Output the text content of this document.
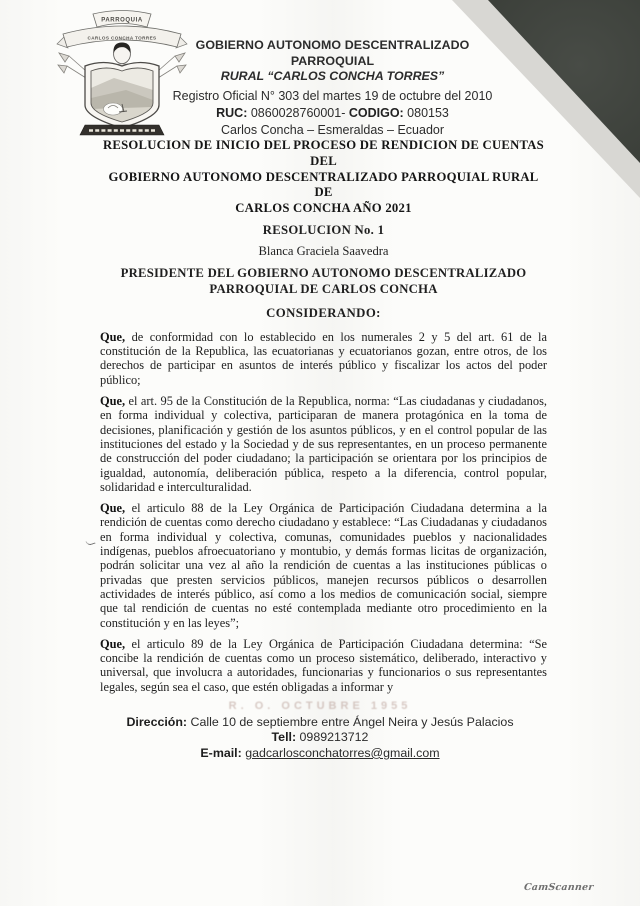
PARROQUIA
CARLOS CONCHA TORRES	GOBIERNO AUTONOMO DESCENTRALIZADO PARROQUIAL
RURAL “CARLOS CONCHA TORRES”
Registro Oficial N° 303 del martes 19 de octubre del 2010
RUC: 0860028760001- CODIGO: 080153
Carlos Concha – Esmeraldas – Ecuador
RESOLUCION DE INICIO DEL PROCESO DE RENDICION DE CUENTAS DEL
GOBIERNO AUTONOMO DESCENTRALIZADO PARROQUIAL RURAL DE
CARLOS CONCHA AÑO 2021
RESOLUCION No. 1
Blanca Graciela Saavedra
PRESIDENTE DEL GOBIERNO AUTONOMO DESCENTRALIZADO
PARROQUIAL DE CARLOS CONCHA
CONSIDERANDO:

Que, de conformidad con lo establecido en los numerales 2 y 5 del art. 61 de la constitución de la Republica, las ecuatorianas y ecuatorianos gozan, entre otros, de los derechos de participar en asuntos de interés público y fiscalizar los actos del poder público;

Que, el art. 95 de la Constitución de la Republica, norma: “Las ciudadanas y ciudadanos, en forma individual y colectiva, participaran de manera protagónica en la toma de decisiones, planificación y gestión de los asuntos públicos, y en el control popular de las instituciones del estado y la Sociedad y de sus representantes, en un proceso permanente de construcción del poder ciudadano; la participación se orientara por los principios de igualdad, autonomía, deliberación pública, respeto a la diferencia, control popular, solidaridad e interculturalidad.

Que, el articulo 88 de la Ley Orgánica de Participación Ciudadana determina a la rendición de cuentas como derecho ciudadano y establece: “Las Ciudadanas y ciudadanos en forma individual y colectiva, comunas, comunidades pueblos y nacionalidades indígenas, pueblos afroecuatoriano y montubio, y demás formas licitas de organización, podrán solicitar una vez al año la rendición de cuentas a las instituciones públicas o privadas que presten servicios públicos, manejen recursos públicos o desarrollen actividades de interés público, así como a los medios de comunicación social, siempre que tal rendición de cuentas no esté contemplada mediante otro procedimiento en la constitución y en las leyes”;

Que, el articulo 89 de la Ley Orgánica de Participación Ciudadana determina: “Se concibe la rendición de cuentas como un proceso sistemático, deliberado, interactivo y universal, que involucra a autoridades, funcionarias y funcionarios o sus representantes legales, según sea el caso, que estén obligadas a informar y

R. O. OCTUBRE 1955
Dirección: Calle 10 de septiembre entre Ángel Neira y Jesús Palacios
Tell: 0989213712
E-mail: gadcarlosconchatorres@gmail.com
CamScanner
